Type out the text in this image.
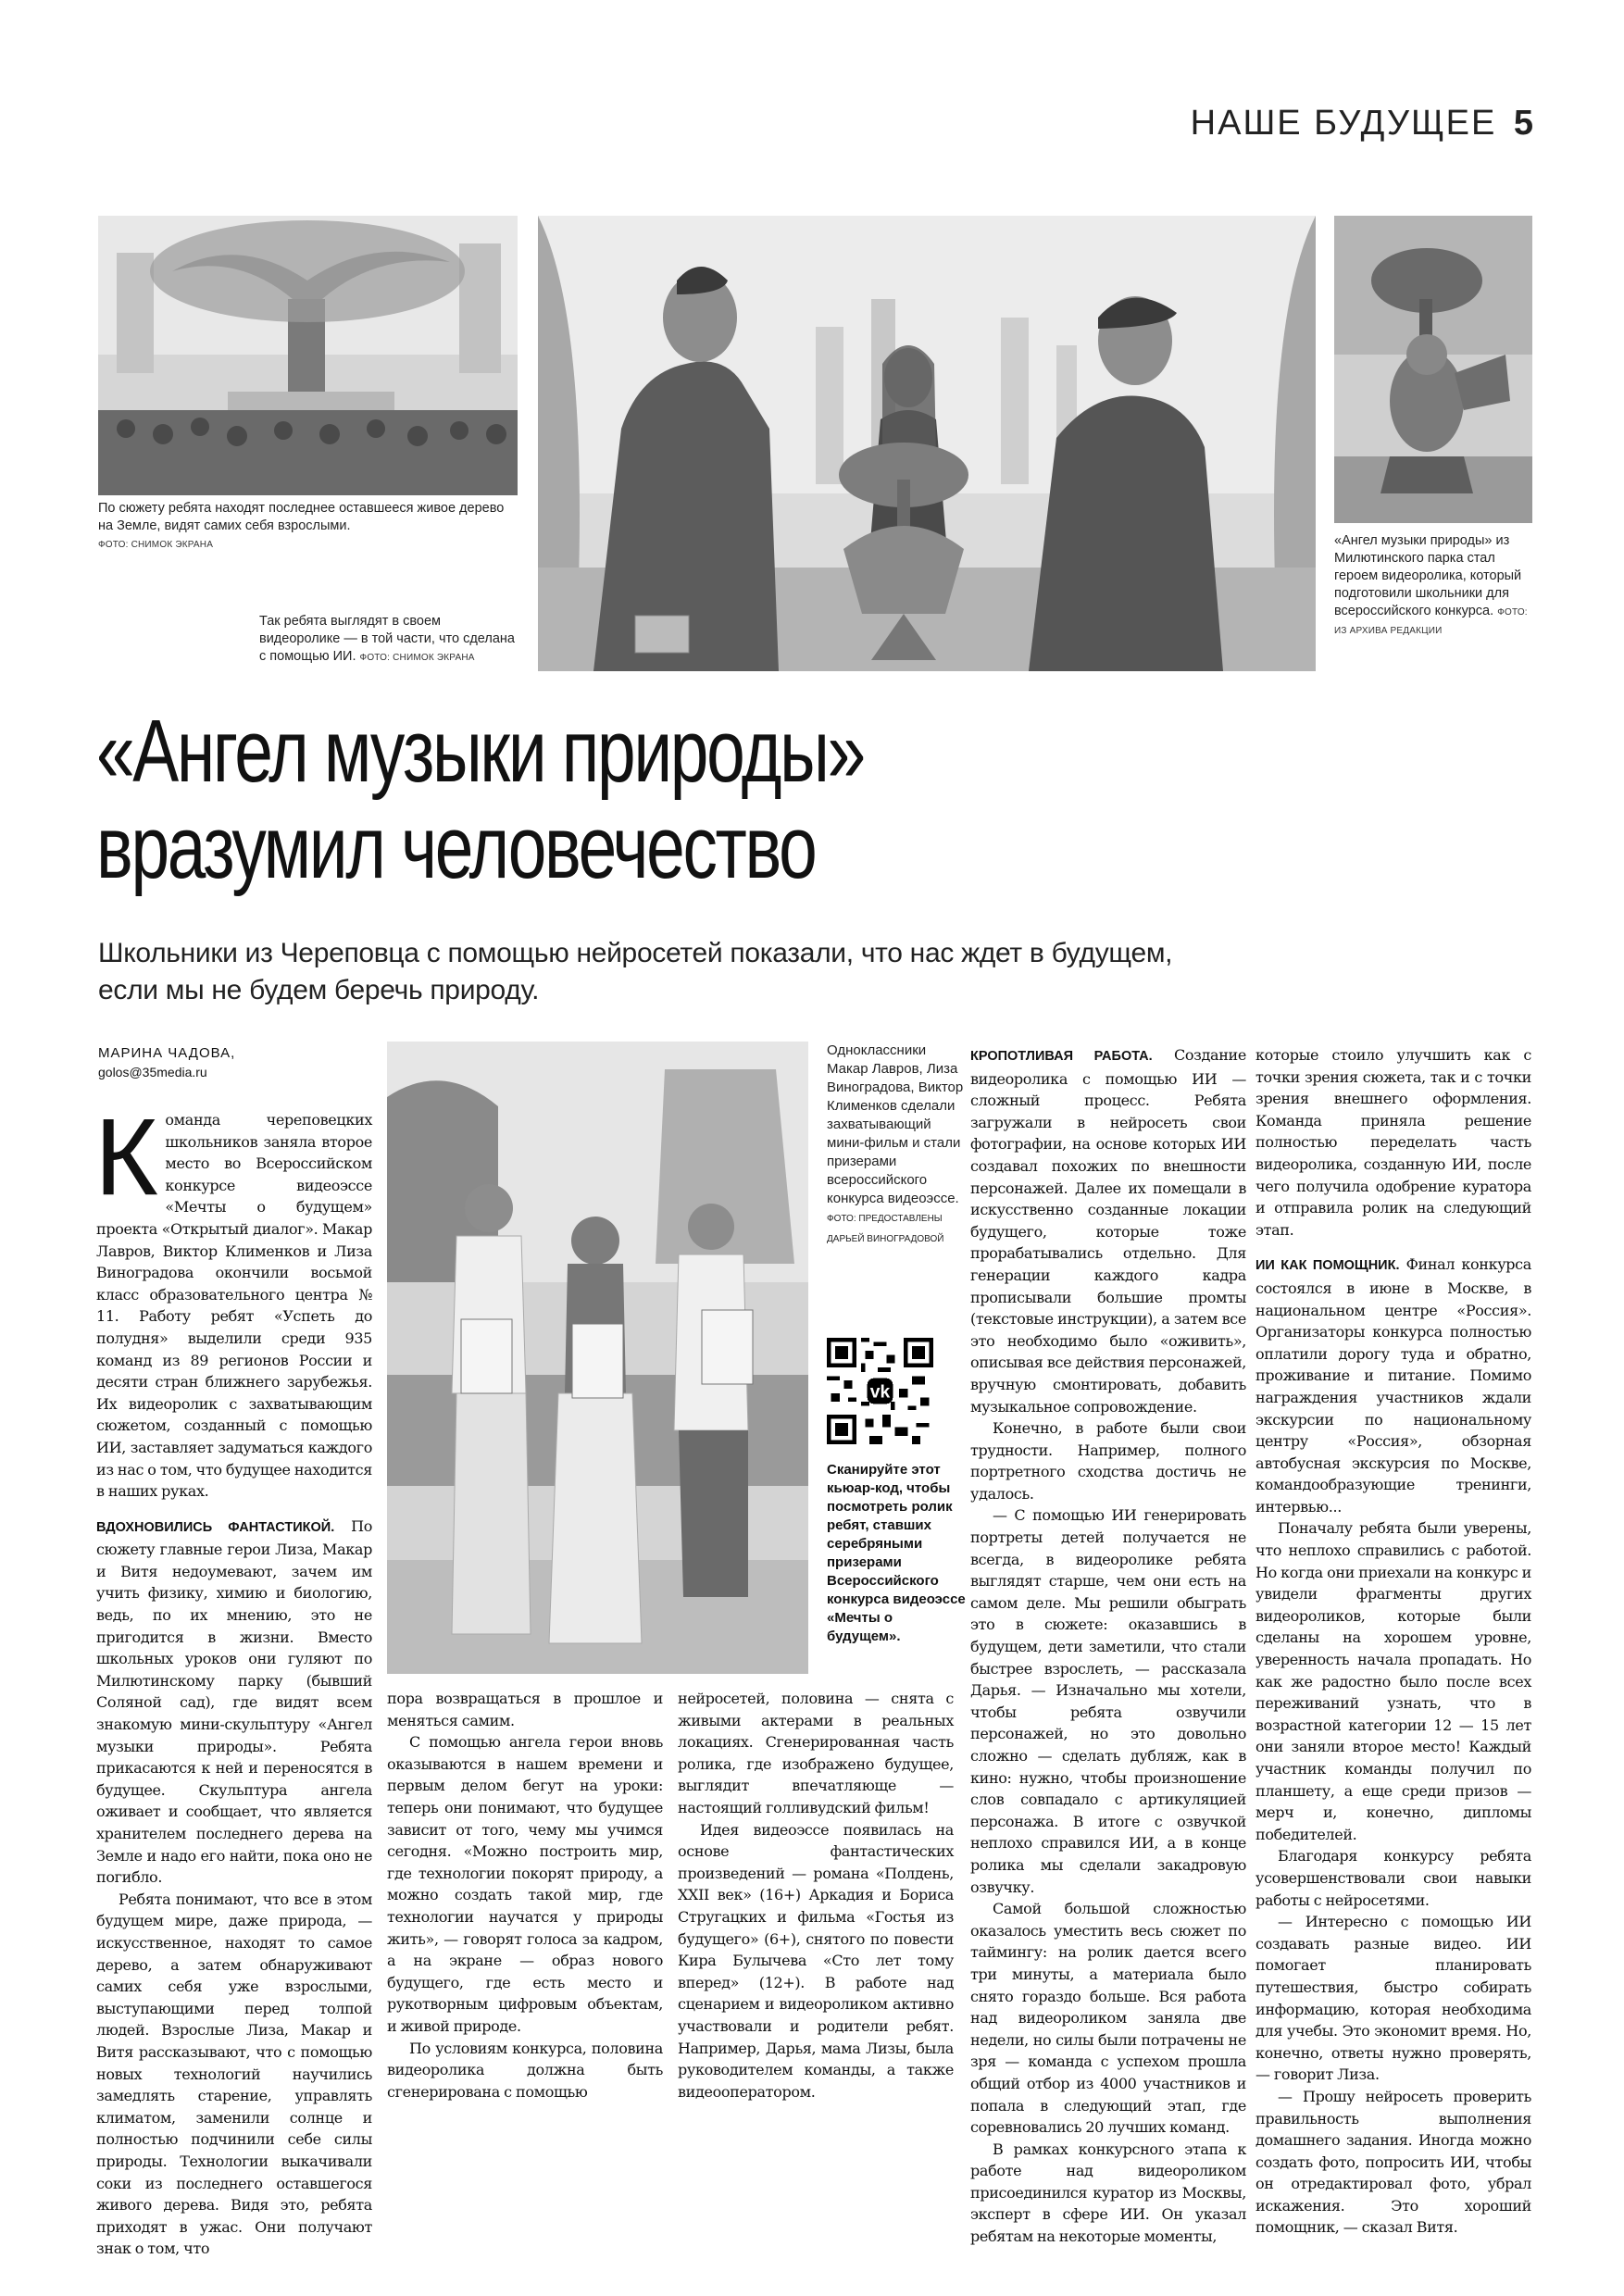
НАШЕ БУДУЩЕЕ 5
По сюжету ребята находят последнее оставшееся живое дерево на Земле, видят самих себя взрослыми.
ФОТО: СНИМОК ЭКРАНА
Так ребята выглядят в своем видеоролике — в той части, что сделана с помощью ИИ. ФОТО: СНИМОК ЭКРАНА
«Ангел музыки природы» из Милютинского парка стал героем видеоролика, который подготовили школьники для всероссийского конкурса. ФОТО: ИЗ АРХИВА РЕДАКЦИИ
«Ангел музыки природы»
вразумил человечество
Школьники из Череповца с помощью нейросетей показали, что нас ждет в будущем,
если мы не будем беречь природу.
МАРИНА ЧАДОВА,
golos@35media.ru
Одноклассники Макар Лавров, Лиза Виноградова, Виктор Клименков сделали захватывающий мини-фильм и стали призерами всероссийского конкурса видеоэссе. ФОТО: ПРЕДОСТАВЛЕНЫ ДАРЬЕЙ ВИНОГРАДОВОЙ
vk
Сканируйте этот кьюар-код, чтобы посмотреть ролик ребят, ставших серебряными призерами Всероссийского конкурса видеоэссе «Мечты о будущем».

Команда череповецких школьников заняла второе место во Всероссийском конкурсе видеоэссе «Мечты о будущем» проекта «Открытый диалог». Макар Лавров, Виктор Клименков и Лиза Виноградова окончили восьмой класс образовательного центра № 11. Работу ребят «Успеть до полудня» выделили среди 935 команд из 89 регионов России и десяти стран ближнего зарубежья. Их видеоролик с захватывающим сюжетом, созданный с помощью ИИ, заставляет задуматься каждого из нас о том, что будущее находится в наших руках.

ВДОХНОВИЛИСЬ ФАНТАСТИКОЙ. По сюжету главные герои Лиза, Макар и Витя недоумевают, зачем им учить физику, химию и биологию, ведь, по их мнению, это не пригодится в жизни. Вместо школьных уроков они гуляют по Милютинскому парку (бывший Соляной сад), где видят всем знакомую мини-скульптуру «Ангел музыки природы». Ребята прикасаются к ней и переносятся в будущее. Скульптура ангела оживает и сообщает, что является хранителем последнего дерева на Земле и надо его найти, пока оно не погибло.

Ребята понимают, что все в этом будущем мире, даже природа, — искусственное, находят то самое дерево, а затем обнаруживают самих себя уже взрослыми, выступающими перед толпой людей. Взрослые Лиза, Макар и Витя рассказывают, что с помощью новых технологий научились замедлять старение, управлять климатом, заменили солнце и полностью подчинили себе силы природы. Технологии выкачивали соки из последнего оставшегося живого дерева. Видя это, ребята приходят в ужас. Они получают знак о том, что

пора возвращаться в прошлое и меняться самим.

С помощью ангела герои вновь оказываются в нашем времени и первым делом бегут на уроки: теперь они понимают, что будущее зависит от того, чему мы учимся сегодня. «Можно построить мир, где технологии покорят природу, а можно создать такой мир, где технологии научатся у природы жить», — говорят голоса за кадром, а на экране — образ нового будущего, где есть место и рукотворным цифровым объектам, и живой природе.

По условиям конкурса, половина видеоролика должна быть сгенерирована с помощью

нейросетей, половина — снята с живыми актерами в реальных локациях. Сгенерированная часть ролика, где изображено будущее, выглядит впечатляюще — настоящий голливудский фильм!

Идея видеоэссе появилась на основе фантастических произведений — романа «Полдень, XXII век» (16+) Аркадия и Бориса Стругацких и фильма «Гостья из будущего» (6+), снятого по повести Кира Булычева «Сто лет тому вперед» (12+). В работе над сценарием и видеороликом активно участвовали и родители ребят. Например, Дарья, мама Лизы, была руководителем команды, а также видеооператором.

КРОПОТЛИВАЯ РАБОТА. Создание видеоролика с помощью ИИ — сложный процесс. Ребята загружали в нейросеть свои фотографии, на основе которых ИИ создавал похожих по внешности персонажей. Далее их помещали в искусственно созданные локации будущего, которые тоже прорабатывались отдельно. Для генерации каждого кадра прописывали большие промты (текстовые инструкции), а затем все это необходимо было «оживить», описывая все действия персонажей, вручную смонтировать, добавить музыкальное сопровождение.

Конечно, в работе были свои трудности. Например, полного портретного сходства достичь не удалось.

— С помощью ИИ генерировать портреты детей получается не всегда, в видеоролике ребята выглядят старше, чем они есть на самом деле. Мы решили обыграть это в сюжете: оказавшись в будущем, дети заметили, что стали быстрее взрослеть, — рассказала Дарья. — Изначально мы хотели, чтобы ребята озвучили персонажей, но это довольно сложно — сделать дубляж, как в кино: нужно, чтобы произношение слов совпадало с артикуляцией персонажа. В итоге с озвучкой неплохо справился ИИ, а в конце ролика мы сделали закадровую озвучку.

Самой большой сложностью оказалось уместить весь сюжет по таймингу: на ролик дается всего три минуты, а материала было снято гораздо больше. Вся работа над видеороликом заняла две недели, но силы были потрачены не зря — команда с успехом прошла общий отбор из 4000 участников и попала в следующий этап, где соревновались 20 лучших команд.

В рамках конкурсного этапа к работе над видеороликом присоединился куратор из Москвы, эксперт в сфере ИИ. Он указал ребятам на некоторые моменты,

которые стоило улучшить как с точки зрения сюжета, так и с точки зрения внешнего оформления. Команда приняла решение полностью переделать часть видеоролика, созданную ИИ, после чего получила одобрение куратора и отправила ролик на следующий этап.

ИИ КАК ПОМОЩНИК. Финал конкурса состоялся в июне в Москве, в национальном центре «Россия». Организаторы конкурса полностью оплатили дорогу туда и обратно, проживание и питание. Помимо награждения участников ждали экскурсии по национальному центру «Россия», обзорная автобусная экскурсия по Москве, командообразующие тренинги, интервью...

Поначалу ребята были уверены, что неплохо справились с работой. Но когда они приехали на конкурс и увидели фрагменты других видеороликов, которые были сделаны на хорошем уровне, уверенность начала пропадать. Но как же радостно было после всех переживаний узнать, что в возрастной категории 12 — 15 лет они заняли второе место! Каждый участник команды получил по планшету, а еще среди призов — мерч и, конечно, дипломы победителей.

Благодаря конкурсу ребята усовершенствовали свои навыки работы с нейросетями.

— Интересно с помощью ИИ создавать разные видео. ИИ помогает планировать путешествия, быстро собирать информацию, которая необходима для учебы. Это экономит время. Но, конечно, ответы нужно проверять, — говорит Лиза.

— Прошу нейросеть проверить правильность выполнения домашнего задания. Иногда можно создать фото, попросить ИИ, чтобы он отредактировал фото, убрал искажения. Это хороший помощник, — сказал Витя.
